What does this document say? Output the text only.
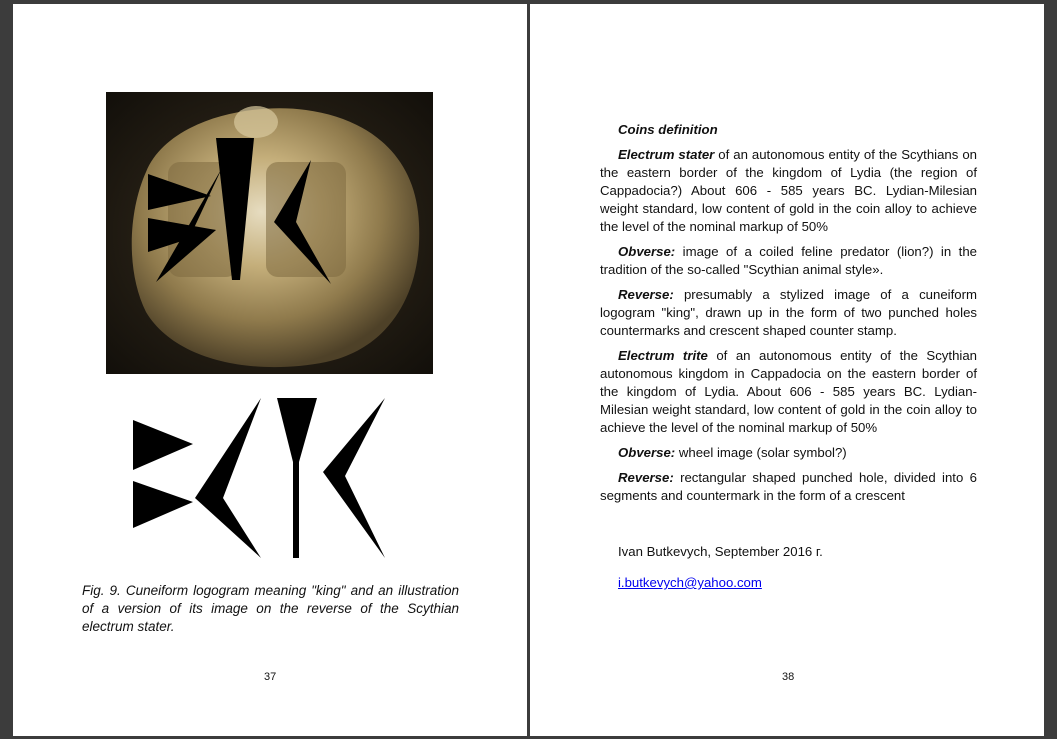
Fig. 9. Cuneiform logogram meaning "king" and an illustration of a version of its image on the reverse of the Scythian electrum stater.

37

Coins definition

Electrum stater of an autonomous entity of the Scythians on the eastern border of the kingdom of Lydia (the region of Cappadocia?) About 606 - 585 years BC. Lydian-Milesian weight standard, low content of gold in the coin alloy to achieve the level of the nominal markup of 50%

Obverse: image of a coiled feline predator (lion?) in the tradition of the so-called "Scythian animal style».

Reverse: presumably a stylized image of a cuneiform logogram "king", drawn up in the form of two punched holes countermarks and crescent shaped counter stamp.

Electrum trite of an autonomous entity of the Scythian autonomous kingdom in Cappadocia on the eastern border of the kingdom of Lydia. About 606 - 585 years BC. Lydian-Milesian weight standard, low content of gold in the coin alloy to achieve the level of the nominal markup of 50%

Obverse: wheel image (solar symbol?)

Reverse: rectangular shaped punched hole, divided into 6 segments and countermark in the form of a crescent

Ivan Butkevych, September 2016 г.

i.butkevych@yahoo.com
38
